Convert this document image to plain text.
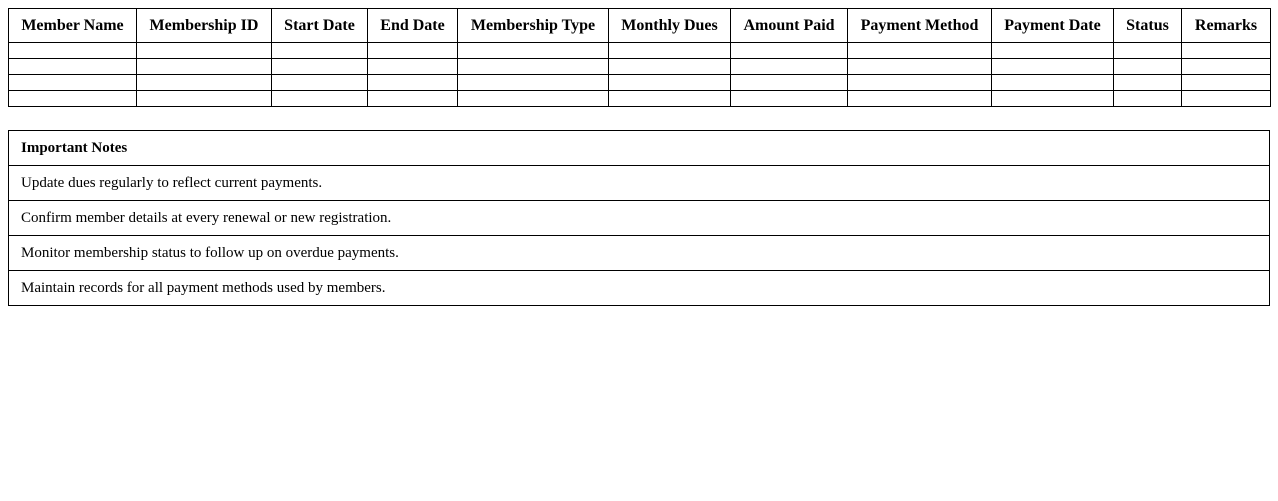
Member Name	Membership ID	Start Date	End Date	Membership Type	Monthly Dues	Amount Paid	Payment Method	Payment Date	Status	Remarks

Important Notes
Update dues regularly to reflect current payments.
Confirm member details at every renewal or new registration.
Monitor membership status to follow up on overdue payments.
Maintain records for all payment methods used by members.
